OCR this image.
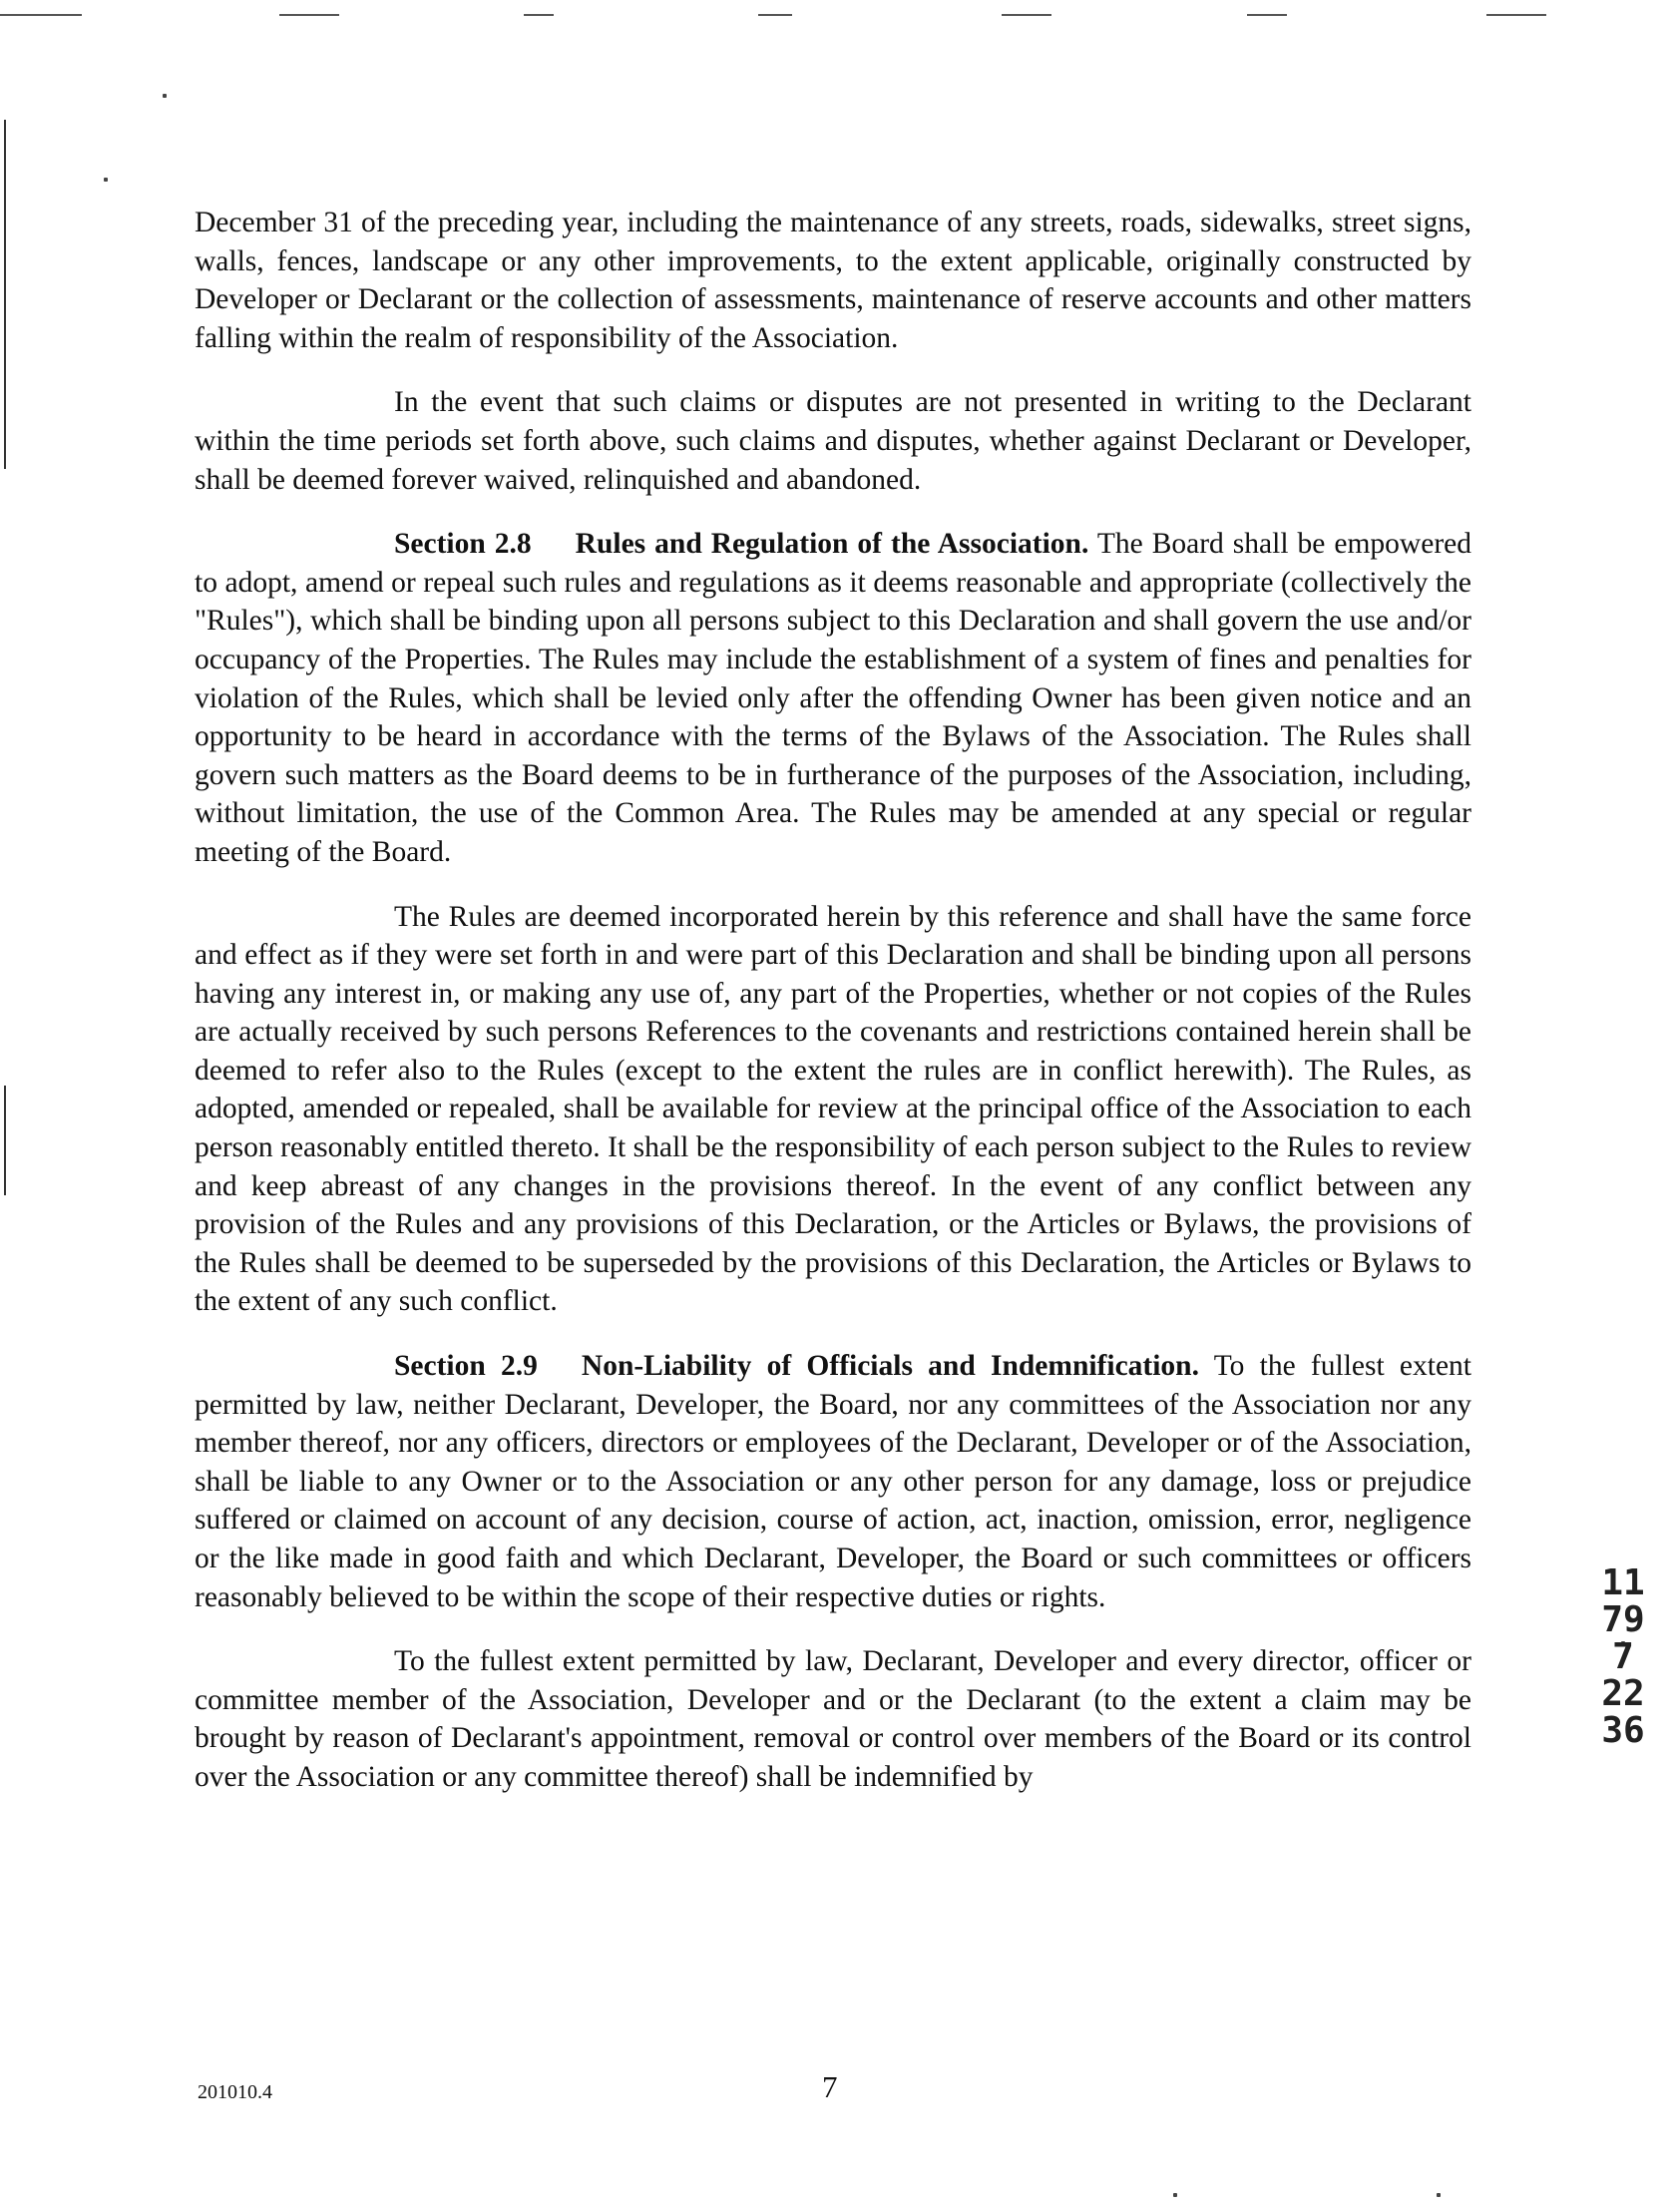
December 31 of the preceding year, including the maintenance of any streets, roads, sidewalks, street signs, walls, fences, landscape or any other improvements, to the extent applicable, originally constructed by Developer or Declarant or the collection of assessments, maintenance of reserve accounts and other matters falling within the realm of responsibility of the Association.

In the event that such claims or disputes are not presented in writing to the Declarant within the time periods set forth above, such claims and disputes, whether against Declarant or Developer, shall be deemed forever waived, relinquished and abandoned.

Section 2.8 Rules and Regulation of the Association. The Board shall be empowered to adopt, amend or repeal such rules and regulations as it deems reasonable and appropriate (collectively the "Rules"), which shall be binding upon all persons subject to this Declaration and shall govern the use and/or occupancy of the Properties. The Rules may include the establishment of a system of fines and penalties for violation of the Rules, which shall be levied only after the offending Owner has been given notice and an opportunity to be heard in accordance with the terms of the Bylaws of the Association. The Rules shall govern such matters as the Board deems to be in furtherance of the purposes of the Association, including, without limitation, the use of the Common Area. The Rules may be amended at any special or regular meeting of the Board.

The Rules are deemed incorporated herein by this reference and shall have the same force and effect as if they were set forth in and were part of this Declaration and shall be binding upon all persons having any interest in, or making any use of, any part of the Properties, whether or not copies of the Rules are actually received by such persons References to the covenants and restrictions contained herein shall be deemed to refer also to the Rules (except to the extent the rules are in conflict herewith). The Rules, as adopted, amended or repealed, shall be available for review at the principal office of the Association to each person reasonably entitled thereto. It shall be the responsibility of each person subject to the Rules to review and keep abreast of any changes in the provisions thereof. In the event of any conflict between any provision of the Rules and any provisions of this Declaration, or the Articles or Bylaws, the provisions of the Rules shall be deemed to be superseded by the provisions of this Declaration, the Articles or Bylaws to the extent of any such conflict.

Section 2.9 Non-Liability of Officials and Indemnification. To the fullest extent permitted by law, neither Declarant, Developer, the Board, nor any committees of the Association nor any member thereof, nor any officers, directors or employees of the Declarant, Developer or of the Association, shall be liable to any Owner or to the Association or any other person for any damage, loss or prejudice suffered or claimed on account of any decision, course of action, act, inaction, omission, error, negligence or the like made in good faith and which Declarant, Developer, the Board or such committees or officers reasonably believed to be within the scope of their respective duties or rights.

To the fullest extent permitted by law, Declarant, Developer and every director, officer or committee member of the Association, Developer and or the Declarant (to the extent a claim may be brought by reason of Declarant's appointment, removal or control over members of the Board or its control over the Association or any committee thereof) shall be indemnified by

11797 2236
201010.4	7
